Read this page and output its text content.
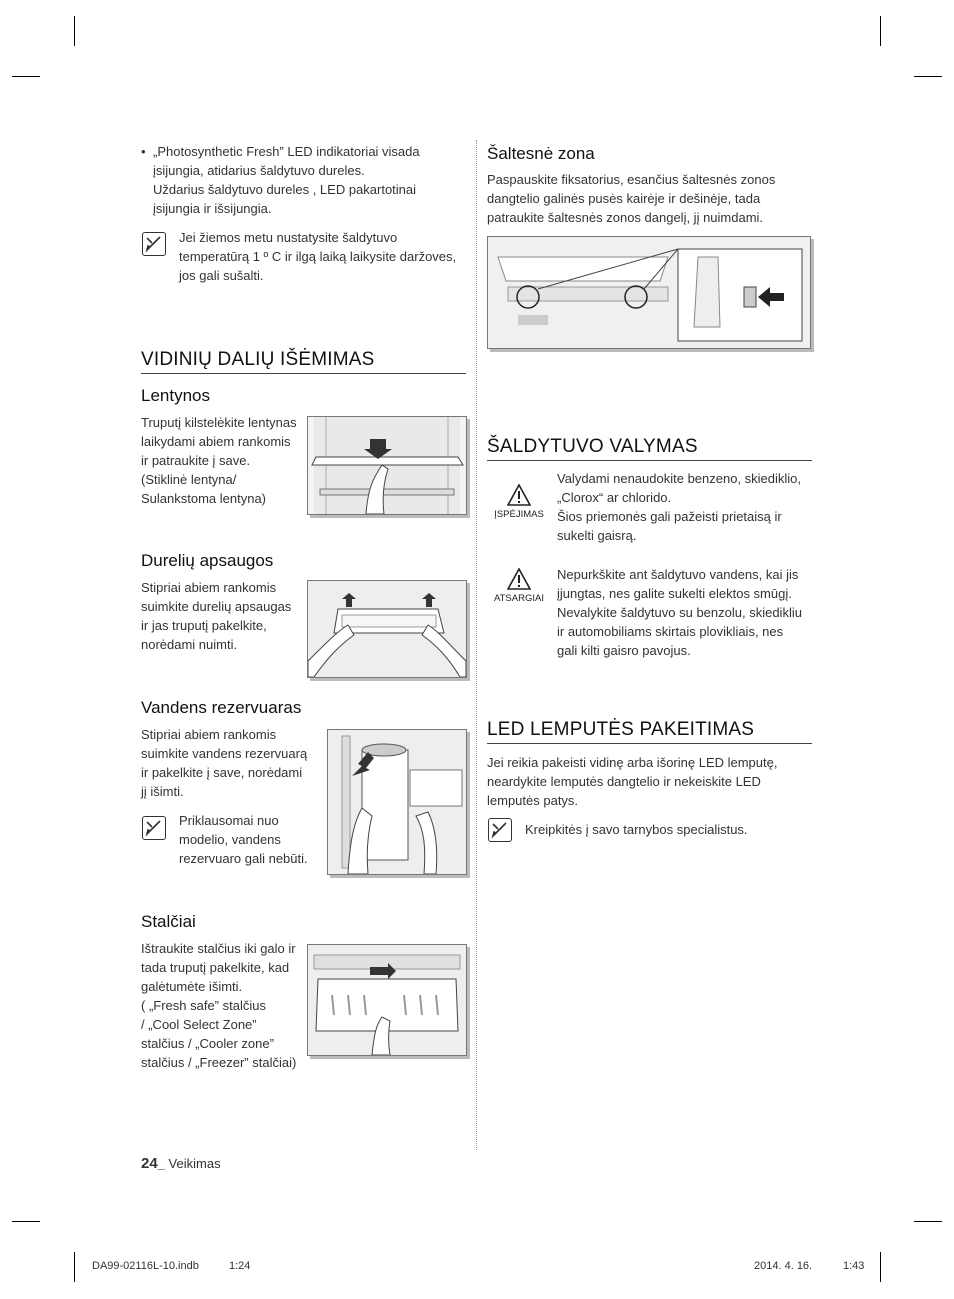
• „Photosynthetic Fresh” LED indikatoriai visada
įsijungia, atidarius šaldytuvo dureles.
Uždarius šaldytuvo dureles , LED pakartotinai
įsijungia ir išsijungia.
Jei žiemos metu nustatysite šaldytuvo
temperatūrą 1 º C ir ilgą laiką laikysite daržoves,
jos gali sušalti.
VIDINIŲ DALIŲ IŠĖMIMAS
Lentynos
Truputį kilstelėkite lentynas
laikydami abiem rankomis
ir patraukite į save.
(Stiklinė lentyna/
Sulankstoma lentyna)
Durelių apsaugos
Stipriai abiem rankomis
suimkite durelių apsaugas
ir jas truputį pakelkite,
norėdami nuimti.
Vandens rezervuaras
Stipriai abiem rankomis
suimkite vandens rezervuarą
ir pakelkite į save, norėdami
jį išimti.
Priklausomai nuo
modelio, vandens
rezervuaro gali nebūti.
Stalčiai
Ištraukite stalčius iki galo ir
tada truputį pakelkite, kad
galėtumėte išimti.
( „Fresh safe” stalčius
/ „Cool Select Zone”
stalčius / „Cooler zone”
stalčius / „Freezer” stalčiai)
Šaltesnė zona
Paspauskite fiksatorius, esančius šaltesnės zonos
dangtelio galinės pusės kairėje ir dešinėje, tada
patraukite šaltesnės zonos dangelį, jį nuimdami.
ŠALDYTUVO VALYMAS
ĮSPĖJIMAS
Valydami nenaudokite benzeno, skiediklio,
„Clorox“ ar chlorido.
Šios priemonės gali pažeisti prietaisą ir
sukelti gaisrą.
ATSARGIAI
Nepurkškite ant šaldytuvo vandens, kai jis
įjungtas, nes galite sukelti elektos smūgį.
Nevalykite šaldytuvo su benzolu, skiedikliu
ir automobiliams skirtais plovikliais, nes
gali kilti gaisro pavojus.
LED LEMPUTĖS PAKEITIMAS
Jei reikia pakeisti vidinę arba išorinę LED lemputę,
neardykite lemputės dangtelio ir nekeiskite LED
lemputės patys.
Kreipkitės į savo tarnybos specialistus.
24_ Veikimas
DA99-02116L-10.indb	1:24	2014. 4. 16.	1:43
